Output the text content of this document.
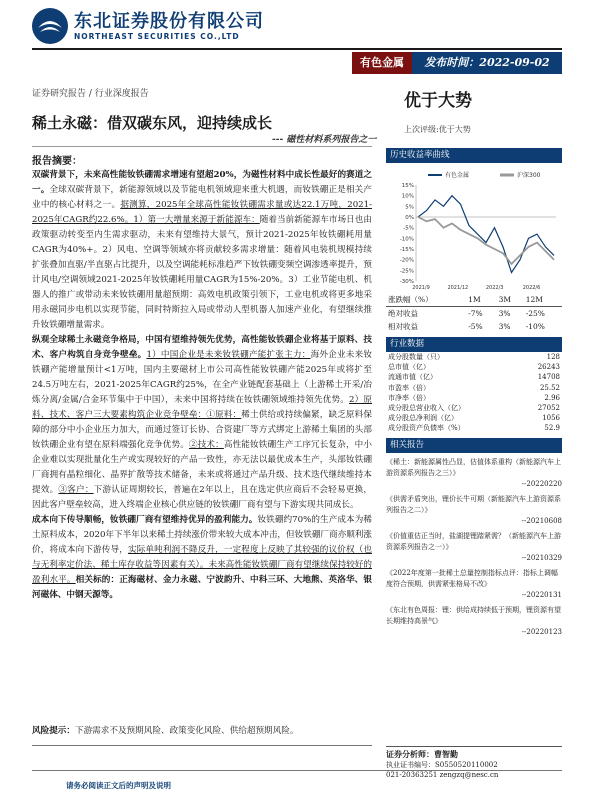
东北证券股份有限公司
NORTHEAST SECURITIES CO.,LTD
有色金属	发布时间：2022-09-02
证券研究报告 / 行业深度报告	优于大势
稀土永磁：借双碳东风，迎持续成长
--- 磁性材料系列报告之一
上次评级:优于大势
报告摘要：

双碳背景下，未来高性能钕铁硼需求增速有望超20%，为磁性材料中成长性最好的赛道之一。全球双碳背景下，新能源领域以及节能电机领域迎来重大机遇，而钕铁硼正是相关产业中的核心材料之一。据测算，2025年全球高性能钕铁硼需求量或达22.1万吨，2021-2025年CAGR约22.6%。1）第一大增量来源于新能源车：随着当前新能源车市场日也由政策驱动转变至内生需求驱动，未来有望维持大景气，预计2021-2025年钕铁硼耗用量CAGR为40%+。2）风电、空调等领域亦将贡献较多需求增量：随着风电装机规模持续扩张叠加直驱/半直驱占比提升，以及空调能耗标准趋严下钕铁硼变频空调渗透率提升，预计风电/空调领域2021-2025年钕铁硼耗用量CAGR为15%-20%。3）工业节能电机、机器人的推广或带动未来钕铁硼用量超预期：高效电机政策引领下，工业电机或将更多地采用永磁同步电机以实现节能，同时特斯拉入局或带动人型机器人加速产业化，有望继续推升钕铁硼增量需求。

纵观全球稀土永磁竞争格局，中国有望维持领先优势，高性能钕铁硼企业将基于原料、技术、客户构筑自身竞争壁垒。1）中国企业是未来钕铁硼产能扩张主力：海外企业未来钕铁硼产能增量预计<1万吨，国内主要磁材上市公司高性能钕铁硼产能2025年或将扩至24.5万吨左右，2021-2025年CAGR约25%，在全产业链配套基础上（上游稀土开采/冶炼分离/金属/合金环节集中于中国），未来中国将持续在钕铁硼领域维持领先优势。2）原料、技术、客户三大要素构筑企业竞争壁垒：①原料：稀土供给或持续偏紧，缺乏原料保障的部分中小企业压力加大，而通过签订长协、合资建厂等方式绑定上游稀土集团的头部钕铁硼企业有望在原料端强化竞争优势。②技术：高性能钕铁硼生产工序冗长复杂，中小企业难以实现批量化生产或实现较好的产品一致性，亦无法以最优成本生产，头部钕铁硼厂商拥有晶粒细化、晶界扩散等技术储备，未来或将通过产品升级、技术迭代继续维持本提效。③客户：下游认证周期较长，普遍在2年以上，且在选定供应商后不会轻易更换，因此客户壁垒较高，进入终端企业核心供应链的钕铁硼厂商有望与下游实现共同成长。

成本向下传导顺畅，钕铁硼厂商有望维持优异的盈利能力。钕铁硼约70%的生产成本为稀土原料成本，2020年下半年以来稀土持续涨价带来较大成本冲击，但钕铁硼厂商亦顺利涨价，将成本向下游传导，实际单吨利润不降反升，一定程度上反映了其较强的议价权（也与无利率定价法、稀土库存收益等因素有关）。未来高性能钕铁硼厂商有望继续保持较好的盈利水平。相关标的：正海磁材、金力永磁、宁波韵升、中科三环、大地熊、英洛华、银河磁体、中钢天源等。

风险提示：下游需求不及预期风险、政策变化风险、供给超预期风险。
历史收益率曲线
15%
10%
5%
0%
-5%
-10%
-15%
-20%
-25%
-30%
2021/9	2021/12	2022/3	2022/6
有色金属	沪深300
涨跌幅（%）	1M	3M	12M
绝对收益	-7%	3%	-25%
相对收益	-5%	3%	-10%
行业数据
成分股数量（只）	128
总市值（亿）	26243
流通市值（亿）	14708
市盈率（倍）	25.52
市净率（倍）	2.96
成分股总营业收入（亿）	27052
成分股总净利润（亿）	1056
成分股资产负债率（%）	52.9
相关报告
《稀土：新能源属性凸显，估值体系重构（新能源汽车上游资源系列报告之三）》
--20220220
《供需矛盾突出，锂价长牛可期（新能源汽车上游资源系列报告之二）》
--20210608
《价值重估正当时，盐湖提锂踏紧需？（新能源汽车上游资源系列报告之一）》
--20210329
《2022年度第一批稀土总量控制指标点评：指标上调幅度符合预期，供需紧张格局不改》
--20220131
《东北有色周报：锂：供给成持续低于预期，锂资源有望长期维持高景气》
--20220123
证券分析师：曹智勤
执业证书编号：S0550520110002
021-20363251 zengzq@nesc.cn
请务必阅读正文后的声明及说明
